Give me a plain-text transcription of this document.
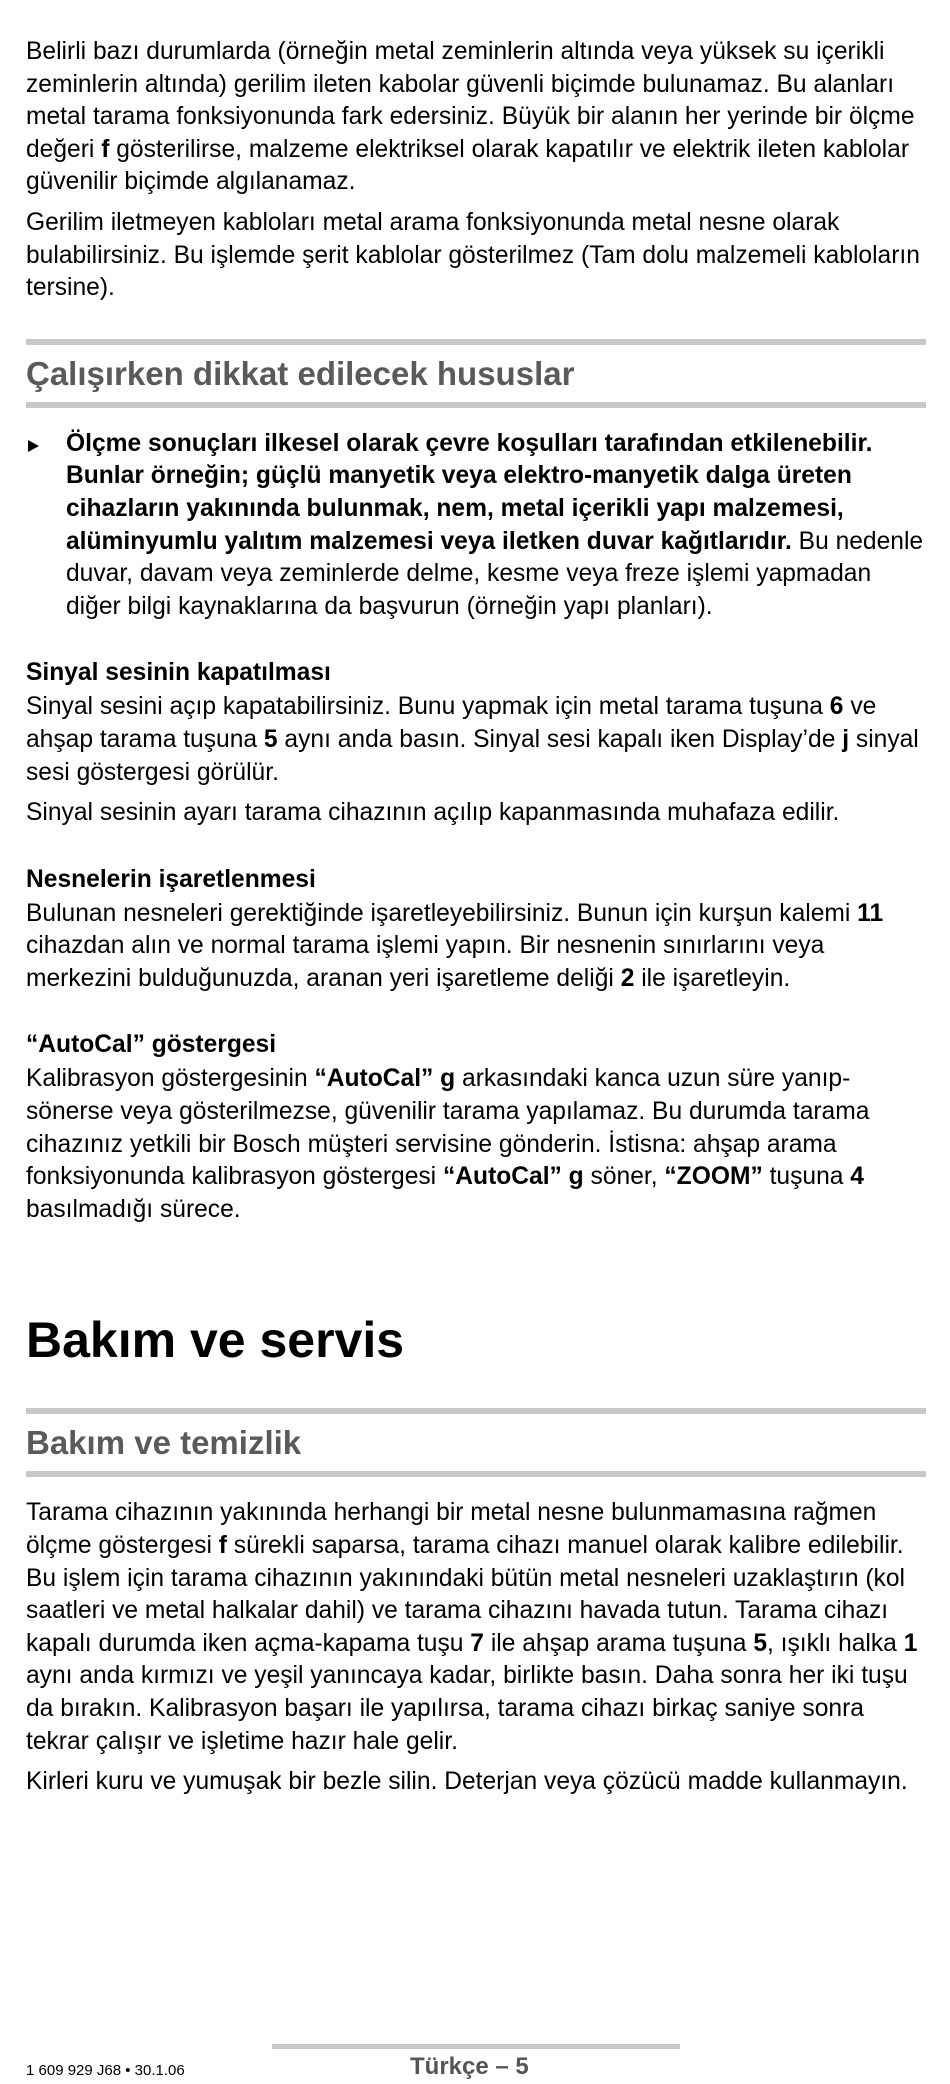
Belirli bazı durumlarda (örneğin metal zeminlerin altında veya yüksek su içerikli zeminlerin altında) gerilim ileten kabolar güvenli biçimde bulunamaz. Bu alanları metal tarama fonksiyonunda fark edersiniz. Büyük bir alanın her yerinde bir ölçme değeri f gösterilirse, malzeme elektriksel olarak kapatılır ve elektrik ileten kablolar güvenilir biçimde algılanamaz.

Gerilim iletmeyen kabloları metal arama fonksiyonunda metal nesne olarak bulabilirsiniz. Bu işlemde şerit kablolar gösterilmez (Tam dolu malzemeli kabloların tersine).

Çalışırken dikkat edilecek hususlar

Ölçme sonuçları ilkesel olarak çevre koşulları tarafından etkilenebilir. Bunlar örneğin; güçlü manyetik veya elektro-manyetik dalga üreten cihazların yakınında bulunmak, nem, metal içerikli yapı malzemesi, alüminyumlu yalıtım malzemesi veya iletken duvar kağıtlarıdır. Bu nedenle duvar, davam veya zeminlerde delme, kesme veya freze işlemi yapmadan diğer bilgi kaynaklarına da başvurun (örneğin yapı planları).

Sinyal sesinin kapatılması

Sinyal sesini açıp kapatabilirsiniz. Bunu yapmak için metal tarama tuşuna 6 ve ahşap tarama tuşuna 5 aynı anda basın. Sinyal sesi kapalı iken Display’de j sinyal sesi göstergesi görülür.

Sinyal sesinin ayarı tarama cihazının açılıp kapanmasında muhafaza edilir.

Nesnelerin işaretlenmesi

Bulunan nesneleri gerektiğinde işaretleyebilirsiniz. Bunun için kurşun kalemi 11 cihazdan alın ve normal tarama işlemi yapın. Bir nesnenin sınırlarını veya merkezini bulduğunuzda, aranan yeri işaretleme deliği 2 ile işaretleyin.

“AutoCal” göstergesi

Kalibrasyon göstergesinin “AutoCal” g arkasındaki kanca uzun süre yanıp-sönerse veya gösterilmezse, güvenilir tarama yapılamaz. Bu durumda tarama cihazınız yetkili bir Bosch müşteri servisine gönderin. İstisna: ahşap arama fonksiyonunda kalibrasyon göstergesi “AutoCal” g söner, “ZOOM” tuşuna 4 basılmadığı sürece.

Bakım ve servis
Bakım ve temizlik

Tarama cihazının yakınında herhangi bir metal nesne bulunmamasına rağmen ölçme göstergesi f sürekli saparsa, tarama cihazı manuel olarak kalibre edilebilir. Bu işlem için tarama cihazının yakınındaki bütün metal nesneleri uzaklaştırın (kol saatleri ve metal halkalar dahil) ve tarama cihazını havada tutun. Tarama cihazı kapalı durumda iken açma-kapama tuşu 7 ile ahşap arama tuşuna 5, ışıklı halka 1 aynı anda kırmızı ve yeşil yanıncaya kadar, birlikte basın. Daha sonra her iki tuşu da bırakın. Kalibrasyon başarı ile yapılırsa, tarama cihazı birkaç saniye sonra tekrar çalışır ve işletime hazır hale gelir.

Kirleri kuru ve yumuşak bir bezle silin. Deterjan veya çözücü madde kullanmayın.

1 609 929 J68 • 30.1.06	Türkçe – 5
